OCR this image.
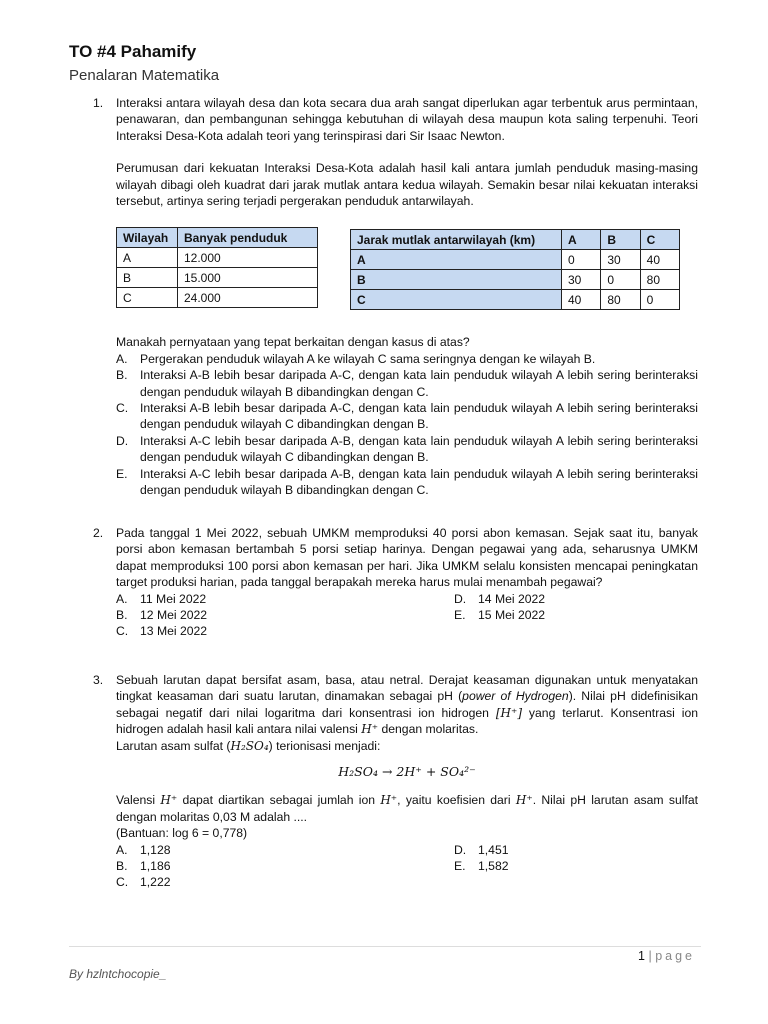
TO #4 Pahamify
Penalaran Matematika
1. Interaksi antara wilayah desa dan kota secara dua arah sangat diperlukan agar terbentuk arus permintaan, penawaran, dan pembangunan sehingga kebutuhan di wilayah desa maupun kota saling terpenuhi. Teori Interaksi Desa-Kota adalah teori yang terinspirasi dari Sir Isaac Newton.

Perumusan dari kekuatan Interaksi Desa-Kota adalah hasil kali antara jumlah penduduk masing-masing wilayah dibagi oleh kuadrat dari jarak mutlak antara kedua wilayah. Semakin besar nilai kekuatan interaksi tersebut, artinya sering terjadi pergerakan penduduk antarwilayah.

Wilayah	Banyak penduduk
A	12.000
B	15.000
C	24.000
Jarak mutlak antarwilayah (km)	A	B	C
A	0	30	40
B	30	0	80
C	40	80	0

Manakah pernyataan yang tepat berkaitan dengan kasus di atas?

A. Pergerakan penduduk wilayah A ke wilayah C sama seringnya dengan ke wilayah B.
B. Interaksi A-B lebih besar daripada A-C, dengan kata lain penduduk wilayah A lebih sering berinteraksi dengan penduduk wilayah B dibandingkan dengan C.
C. Interaksi A-B lebih besar daripada A-C, dengan kata lain penduduk wilayah A lebih sering berinteraksi dengan penduduk wilayah C dibandingkan dengan B.
D. Interaksi A-C lebih besar daripada A-B, dengan kata lain penduduk wilayah A lebih sering berinteraksi dengan penduduk wilayah C dibandingkan dengan B.
E. Interaksi A-C lebih besar daripada A-B, dengan kata lain penduduk wilayah A lebih sering berinteraksi dengan penduduk wilayah B dibandingkan dengan C.
2. Pada tanggal 1 Mei 2022, sebuah UMKM memproduksi 40 porsi abon kemasan. Sejak saat itu, banyak porsi abon kemasan bertambah 5 porsi setiap harinya. Dengan pegawai yang ada, seharusnya UMKM dapat memproduksi 100 porsi abon kemasan per hari. Jika UMKM selalu konsisten mencapai peningkatan target produksi harian, pada tanggal berapakah mereka harus mulai menambah pegawai?

A. 11 Mei 2022
B. 12 Mei 2022
C. 13 Mei 2022
D. 14 Mei 2022
E. 15 Mei 2022
3. Sebuah larutan dapat bersifat asam, basa, atau netral. Derajat keasaman digunakan untuk menyatakan tingkat keasaman dari suatu larutan, dinamakan sebagai pH (power of Hydrogen). Nilai pH didefinisikan sebagai negatif dari nilai logaritma dari konsentrasi ion hidrogen [H⁺] yang terlarut. Konsentrasi ion hidrogen adalah hasil kali antara nilai valensi H⁺ dengan molaritas.

Larutan asam sulfat (H₂SO₄) terionisasi menjadi:

H₂SO₄ → 2H⁺ + SO₄²⁻

Valensi H⁺ dapat diartikan sebagai jumlah ion H⁺, yaitu koefisien dari H⁺. Nilai pH larutan asam sulfat dengan molaritas 0,03 M adalah ....

(Bantuan: log 6 = 0,778)

A. 1,128
B. 1,186
C. 1,222
D. 1,451
E. 1,582
1 | page
By hzlntchocopie_
